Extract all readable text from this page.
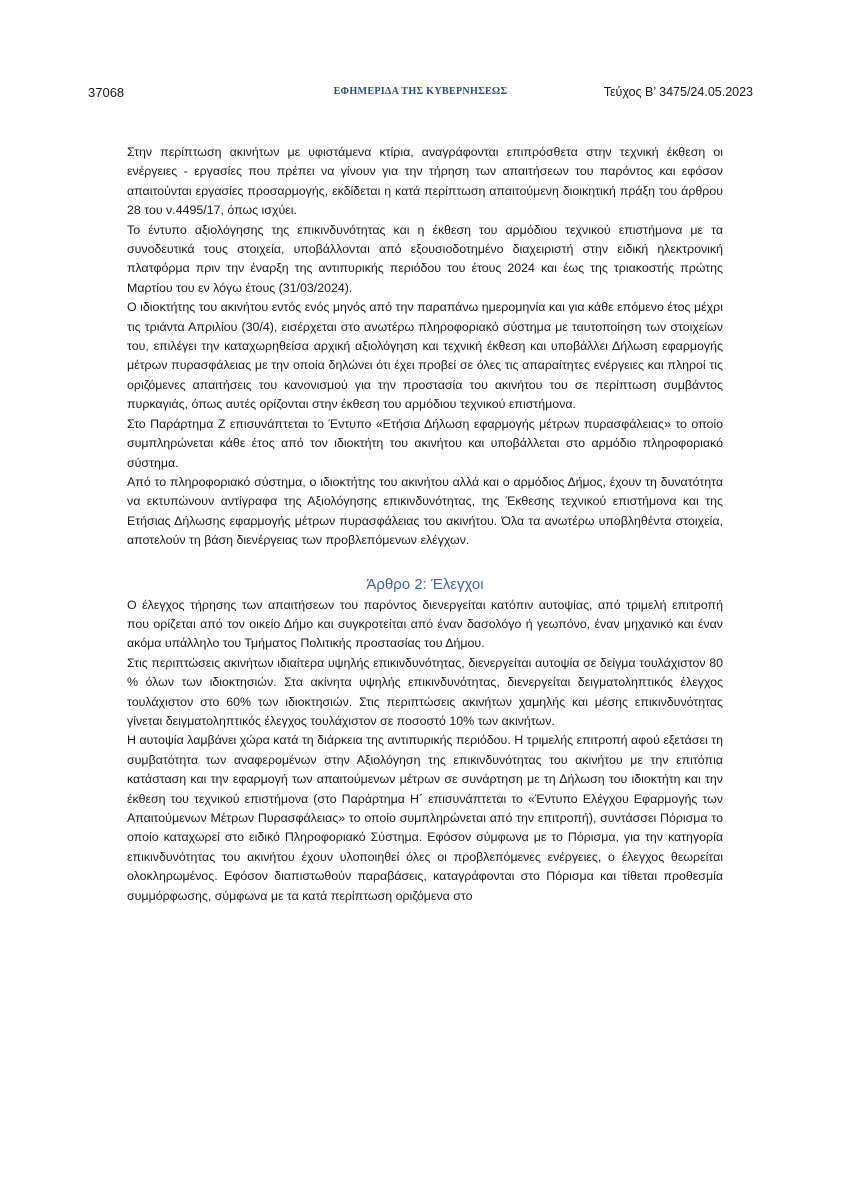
37068	ΕΦΗΜΕΡΙΔΑ ΤΗΣ ΚΥΒΕΡΝΗΣΕΩΣ	Τεύχος Β’ 3475/24.05.2023

Στην περίπτωση ακινήτων με υφιστάμενα κτίρια, αναγράφονται επιπρόσθετα στην τεχνική έκθεση οι ενέργειες - εργασίες που πρέπει να γίνουν για την τήρηση των απαιτήσεων του παρόντος και εφόσον απαιτούνται εργασίες προσαρμογής, εκδίδεται η κατά περίπτωση απαιτούμενη διοικητική πράξη του άρθρου 28 του ν.4495/17, όπως ισχύει.

Το έντυπο αξιολόγησης της επικινδυνότητας και η έκθεση του αρμόδιου τεχνικού επιστήμονα με τα συνοδευτικά τους στοιχεία, υποβάλλονται από εξουσιοδοτημένο διαχειριστή στην ειδική ηλεκτρονική πλατφόρμα πριν την έναρξη της αντιπυρικής περιόδου του έτους 2024 και έως της τριακοστής πρώτης Μαρτίου του εν λόγω έτους (31/03/2024).

Ο ιδιοκτήτης του ακινήτου εντός ενός μηνός από την παραπάνω ημερομηνία και για κάθε επόμενο έτος μέχρι τις τριάντα Απριλίου (30/4), εισέρχεται στο ανωτέρω πληροφοριακό σύστημα με ταυτοποίηση των στοιχείων του, επιλέγει την καταχωρηθείσα αρχική αξιολόγηση και τεχνική έκθεση και υποβάλλει Δήλωση εφαρμογής μέτρων πυρασφάλειας με την οποία δηλώνει ότι έχει προβεί σε όλες τις απαραίτητες ενέργειες και πληροί τις οριζόμενες απαιτήσεις του κανονισμού για την προστασία του ακινήτου του σε περίπτωση συμβάντος πυρκαγιάς, όπως αυτές ορίζονται στην έκθεση του αρμόδιου τεχνικού επιστήμονα.

Στο Παράρτημα Ζ επισυνάπτεται το Έντυπο «Ετήσια Δήλωση εφαρμογής μέτρων πυρασφάλειας» το οποίο συμπληρώνεται κάθε έτος από τον ιδιοκτήτη του ακινήτου και υποβάλλεται στο αρμόδιο πληροφοριακό σύστημα.

Από το πληροφοριακό σύστημα, ο ιδιοκτήτης του ακινήτου αλλά και ο αρμόδιος Δήμος, έχουν τη δυνατότητα να εκτυπώνουν αντίγραφα της Αξιολόγησης επικινδυνότητας, της Έκθεσης τεχνικού επιστήμονα και της Ετήσιας Δήλωσης εφαρμογής μέτρων πυρασφάλειας του ακινήτου. Όλα τα ανωτέρω υποβληθέντα στοιχεία, αποτελούν τη βάση διενέργειας των προβλεπόμενων ελέγχων.

Άρθρο 2: Έλεγχοι

Ο έλεγχος τήρησης των απαιτήσεων του παρόντος διενεργείται κατόπιν αυτοψίας, από τριμελή επιτροπή που ορίζεται από τον οικείο Δήμο και συγκροτείται από έναν δασολόγο ή γεωπόνο, έναν μηχανικό και έναν ακόμα υπάλληλο του Τμήματος Πολιτικής προστασίας του Δήμου.

Στις περιπτώσεις ακινήτων ιδιαίτερα υψηλής επικινδυνότητας, διενεργείται αυτοψία σε δείγμα τουλάχιστον 80 % όλων των ιδιοκτησιών. Στα ακίνητα υψηλής επικινδυνότητας, διενεργείται δειγματοληπτικός έλεγχος τουλάχιστον στο 60% των ιδιοκτησιών. Στις περιπτώσεις ακινήτων χαμηλής και μέσης επικινδυνότητας γίνεται δειγματοληπτικός έλεγχος τουλάχιστον σε ποσοστό 10% των ακινήτων.

Η αυτοψία λαμβάνει χώρα κατά τη διάρκεια της αντιπυρικής περιόδου. Η τριμελής επιτροπή αφού εξετάσει τη συμβατότητα των αναφερομένων στην Αξιολόγηση της επικινδυνότητας του ακινήτου με την επιτόπια κατάσταση και την εφαρμογή των απαιτούμενων μέτρων σε συνάρτηση με τη Δήλωση του ιδιοκτήτη και την έκθεση του τεχνικού επιστήμονα (στο Παράρτημα Η΄ επισυνάπτεται το «Έντυπο Ελέγχου Εφαρμογής των Απαιτούμενων Μέτρων Πυρασφάλειας» το οποίο συμπληρώνεται από την επιτροπή), συντάσσει Πόρισμα το οποίο καταχωρεί στο ειδικό Πληροφοριακό Σύστημα. Εφόσον σύμφωνα με το Πόρισμα, για την κατηγορία επικινδυνότητας του ακινήτου έχουν υλοποιηθεί όλες οι προβλεπόμενες ενέργειες, ο έλεγχος θεωρείται ολοκληρωμένος. Εφόσον διαπιστωθούν παραβάσεις, καταγράφονται στο Πόρισμα και τίθεται προθεσμία συμμόρφωσης, σύμφωνα με τα κατά περίπτωση οριζόμενα στο
